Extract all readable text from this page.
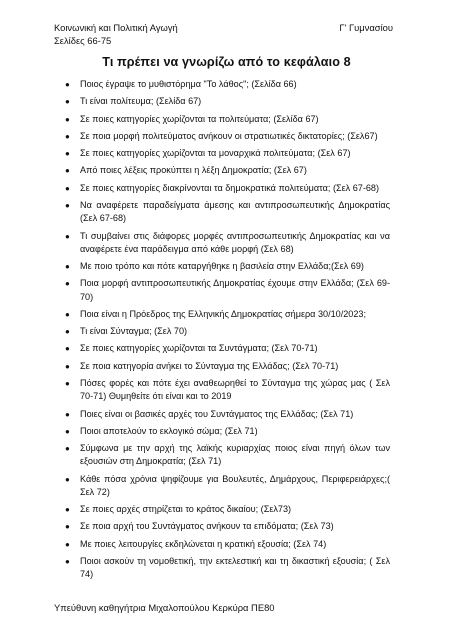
Κοινωνική και Πολιτική Αγωγή
Σελίδες 66-75
Γ' Γυμνασίου
Τι πρέπει να γνωρίζω από το κεφάλαιο 8
● Ποιος έγραψε το μυθιστόρημα "Το λάθος"; (Σελίδα 66)
● Τι είναι πολίτευμα; (Σελίδα 67)
● Σε ποιες κατηγορίες χωρίζονται τα πολιτεύματα; (Σελίδα 67)
● Σε ποια μορφή πολιτεύματος ανήκουν οι στρατιωτικές δικτατορίες; (Σελ67)
● Σε ποιες κατηγορίες χωρίζονται τα μοναρχικά πολιτεύματα; (Σελ 67)
● Από ποιες λέξεις προκύπτει η λέξη Δημοκρατία; (Σελ 67)
● Σε ποιες κατηγορίες διακρίνονται τα δημοκρατικά πολιτεύματα; (Σελ 67-68)
● Να αναφέρετε παραδείγματα άμεσης και αντιπροσωπευτικής Δημοκρατίας (Σελ 67-68)
● Τι συμβαίνει στις διάφορες μορφές αντιπροσωπευτικής Δημοκρατίας και να αναφέρετε ένα παράδειγμα από κάθε μορφή (Σελ 68)
● Με ποιο τρόπο και πότε καταργήθηκε η βασιλεία στην Ελλάδα;(Σελ 69)
● Ποια μορφή αντιπροσωπευτικής Δημοκρατίας έχουμε στην Ελλάδα; (Σελ 69-70)
● Ποια είναι η Πρόεδρος της Ελληνικής Δημοκρατίας σήμερα 30/10/2023;
● Τι είναι Σύνταγμα; (Σελ 70)
● Σε ποιες κατηγορίες χωρίζονται τα Συντάγματα; (Σελ 70-71)
● Σε ποια κατηγορία ανήκει το Σύνταγμα της Ελλάδας; (Σελ 70-71)
● Πόσες φορές και πότε έχει αναθεωρηθεί το Σύνταγμα της χώρας μας ( Σελ 70-71) Θυμηθείτε ότι είναι και το 2019
● Ποιες είναι οι βασικές αρχές του Συντάγματος της Ελλάδας; (Σελ 71)
● Ποιοι αποτελούν το εκλογικό σώμα; (Σελ 71)
● Σύμφωνα με την αρχή της λαϊκής κυριαρχίας ποιος είναι πηγή όλων των εξουσιών στη Δημοκρατία; (Σελ 71)
● Κάθε πόσα χρόνια ψηφίζουμε για Βουλευτές, Δημάρχους, Περιφερειάρχες;( Σελ 72)
● Σε ποιες αρχές στηρίζεται το κράτος δικαίου; (Σελ73)
● Σε ποια αρχή του Συντάγματος ανήκουν τα επιδόματα; (Σελ 73)
● Με ποιες λειτουργίες εκδηλώνεται η κρατική εξουσία; (Σελ 74)
● Ποιοι ασκούν τη νομοθετική, την εκτελεστική και τη δικαστική εξουσία; ( Σελ 74)
Υπεύθυνη καθηγήτρια Μιχαλοπούλου Κερκύρα ΠΕ80
